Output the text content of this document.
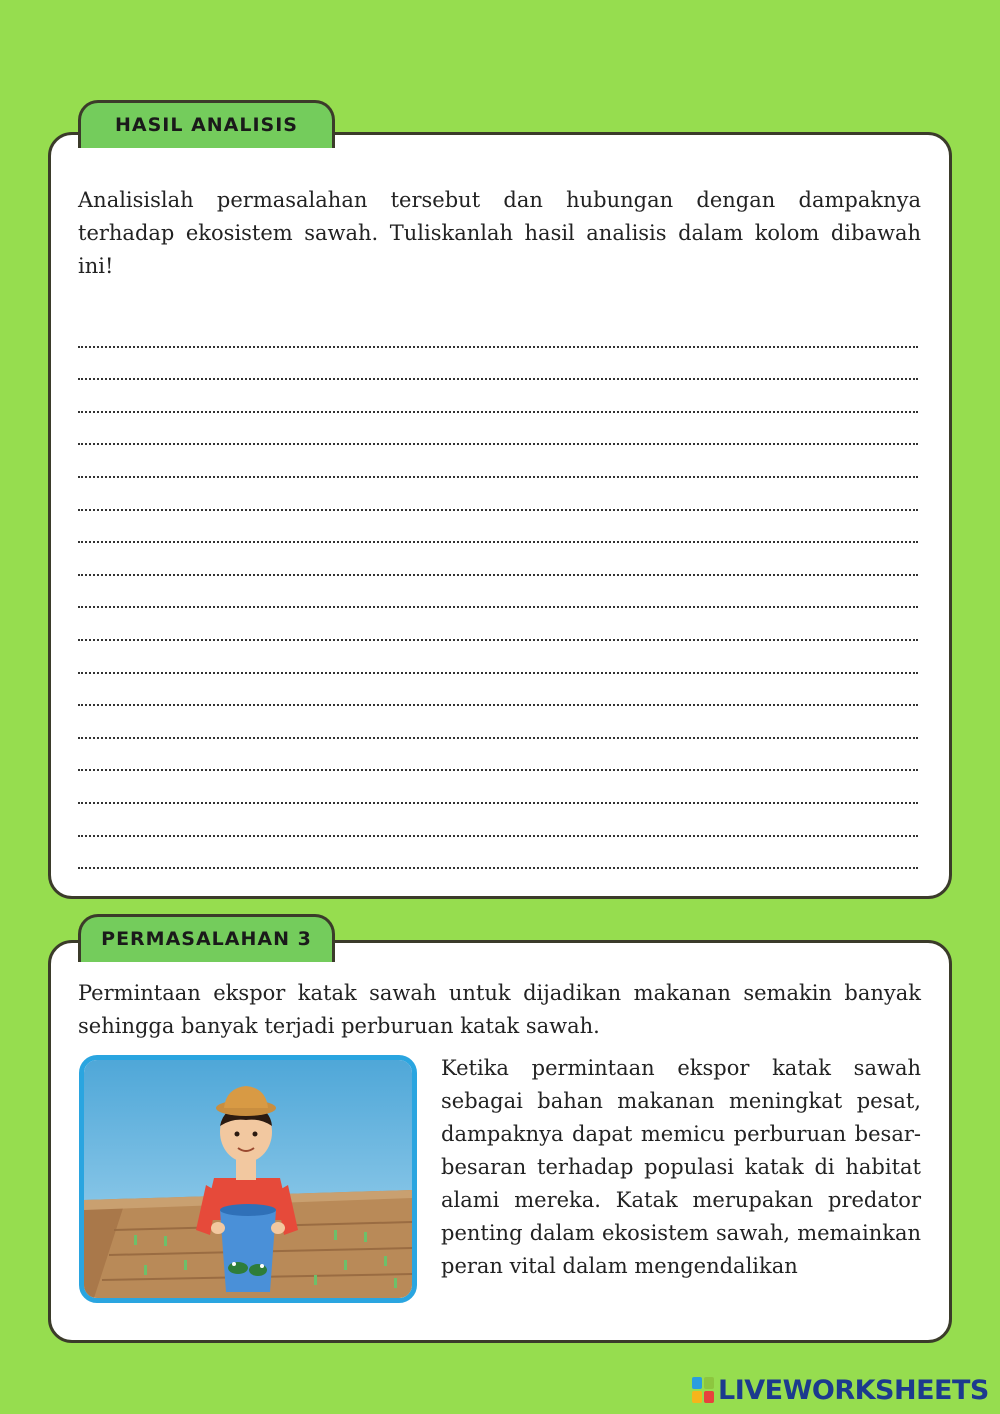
HASIL ANALISIS

Analisislah permasalahan tersebut dan hubungan dengan dampaknya terhadap ekosistem sawah. Tuliskanlah hasil analisis dalam kolom dibawah ini!

PERMASALAHAN 3

Permintaan ekspor katak sawah untuk dijadikan makanan semakin banyak sehingga banyak terjadi perburuan katak sawah.

Ketika permintaan ekspor katak sawah sebagai bahan makanan meningkat pesat, dampaknya dapat memicu perburuan besar-besaran terhadap populasi katak di habitat alami mereka. Katak merupakan predator penting dalam ekosistem sawah, memainkan peran vital dalam mengendalikan

LIVEWORKSHEETS
